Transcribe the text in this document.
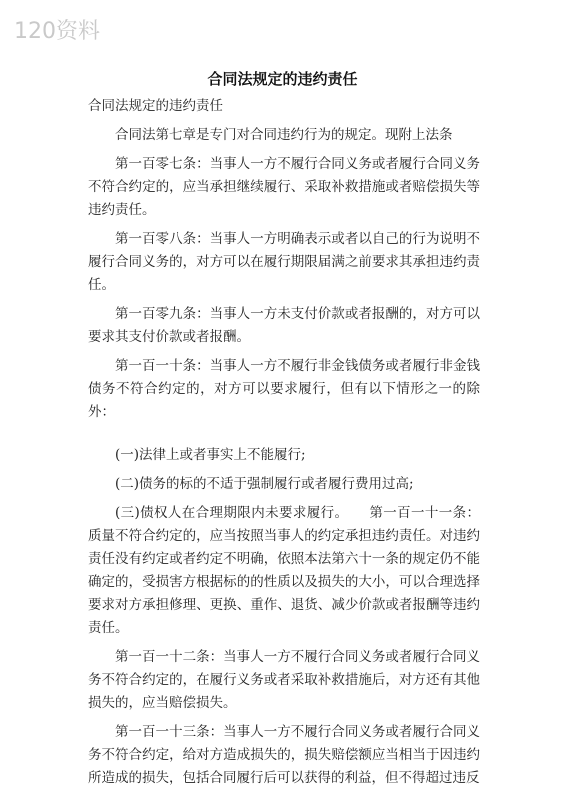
120资料
合同法规定的违约责任

合同法规定的违约责任

合同法第七章是专门对合同违约行为的规定。现附上法条

第一百零七条：当事人一方不履行合同义务或者履行合同义务不符合约定的，应当承担继续履行、采取补救措施或者赔偿损失等违约责任。

第一百零八条：当事人一方明确表示或者以自己的行为说明不履行合同义务的，对方可以在履行期限届满之前要求其承担违约责任。

第一百零九条：当事人一方未支付价款或者报酬的，对方可以要求其支付价款或者报酬。

第一百一十条：当事人一方不履行非金钱债务或者履行非金钱债务不符合约定的，对方可以要求履行，但有以下情形之一的除外：

(一)法律上或者事实上不能履行;

(二)债务的标的不适于强制履行或者履行费用过高;

(三)债权人在合理期限内未要求履行。　　第一百一十一条：质量不符合约定的，应当按照当事人的约定承担违约责任。对违约责任没有约定或者约定不明确，依照本法第六十一条的规定仍不能确定的，受损害方根据标的的性质以及损失的大小，可以合理选择要求对方承担修理、更换、重作、退货、减少价款或者报酬等违约责任。

第一百一十二条：当事人一方不履行合同义务或者履行合同义务不符合约定的，在履行义务或者采取补救措施后，对方还有其他损失的，应当赔偿损失。

第一百一十三条：当事人一方不履行合同义务或者履行合同义务不符合约定，给对方造成损失的，损失赔偿额应当相当于因违约所造成的损失，包括合同履行后可以获得的利益，但不得超过违反
